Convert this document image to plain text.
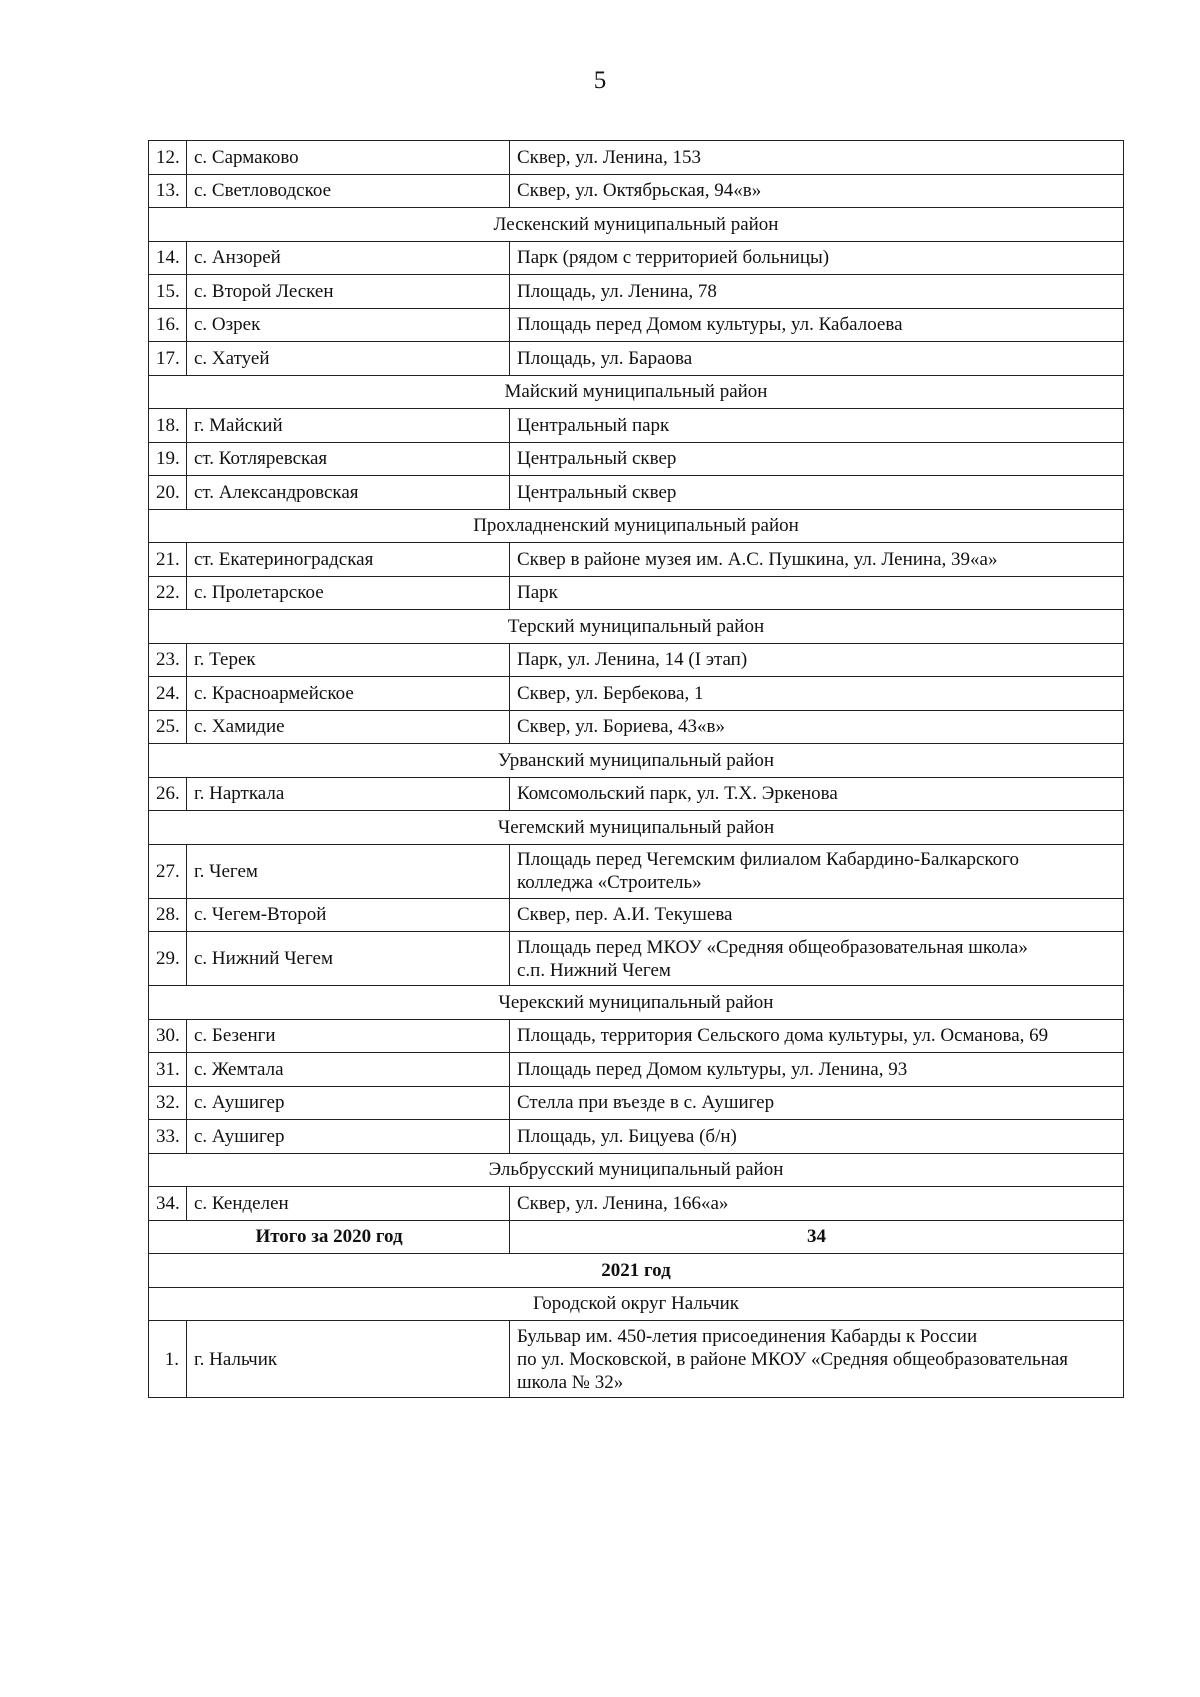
5
12.	с. Сармаково	Сквер, ул. Ленина, 153

13.	с. Светловодское	Сквер, ул. Октябрьская, 94«в»

Лескенский муниципальный район		
14.	с. Анзорей	Парк (рядом с территорией больницы)

15.	с. Второй Лескен	Площадь, ул. Ленина, 78

16.	с. Озрек	Площадь перед Домом культуры, ул. Кабалоева

17.	с. Хатуей	Площадь, ул. Бараова

Майский муниципальный район		
18.	г. Майский	Центральный парк

19.	ст. Котляревская	Центральный сквер

20.	ст. Александровская	Центральный сквер

Прохладненский муниципальный район		
21.	ст. Екатериноградская	Сквер в районе музея им. А.С. Пушкина, ул. Ленина, 39«а»

22.	с. Пролетарское	Парк

Терский муниципальный район		
23.	г. Терек	Парк, ул. Ленина, 14 (I этап)

24.	с. Красноармейское	Сквер, ул. Бербекова, 1

25.	с. Хамидие	Сквер, ул. Бориева, 43«в»

Урванский муниципальный район		
26.	г. Нарткала	Комсомольский парк, ул. Т.Х. Эркенова

Чегемский муниципальный район		
27.	г. Чегем	Площадь перед Чегемским филиалом Кабардино-Балкарского
колледжа «Строитель»

28.	с. Чегем-Второй	Сквер, пер. А.И. Текушева

29.	с. Нижний Чегем	Площадь перед МКОУ «Средняя общеобразовательная школа»
с.п. Нижний Чегем

Черекский муниципальный район		
30.	с. Безенги	Площадь, территория Сельского дома культуры, ул. Османова, 69

31.	с. Жемтала	Площадь перед Домом культуры, ул. Ленина, 93

32.	с. Аушигер	Стелла при въезде в с. Аушигер

33.	с. Аушигер	Площадь, ул. Бицуева (б/н)

Эльбрусский муниципальный район		
34.	с. Кенделен	Сквер, ул. Ленина, 166«а»

Итого за 2020 год		34
2021 год		
Городской округ Нальчик		
1.	г. Нальчик	Бульвар им. 450-летия присоединения Кабарды к России
по ул. Московской, в районе МКОУ «Средняя общеобразовательная
школа № 32»
